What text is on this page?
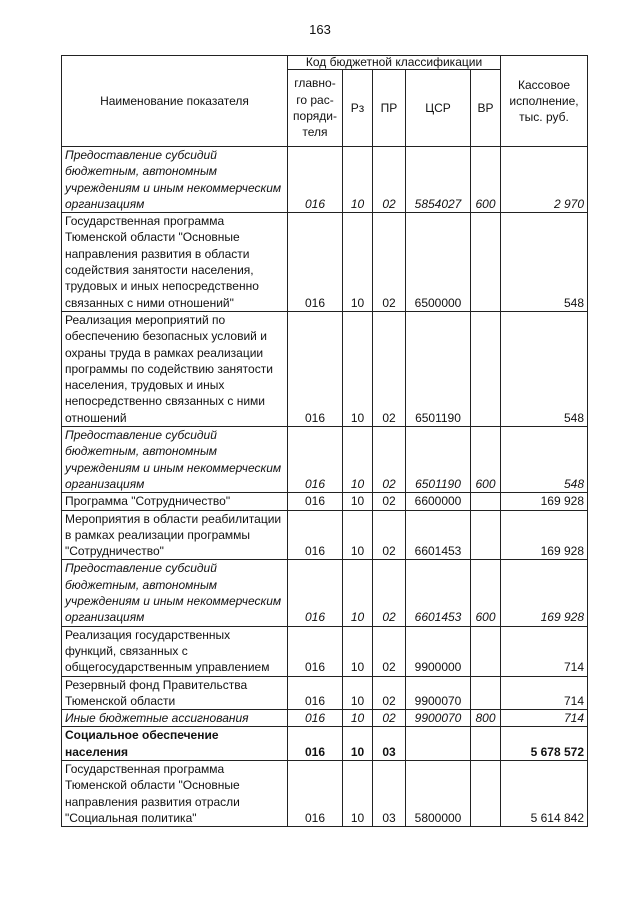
163
Наименование показателя	Код бюджетной классификации					Кассовое исполнение, тыс. руб.
	главно-го рас-поряди-теля	Рз	ПР	ЦСР	ВР	
Предоставление субсидий бюджетным, автономным учреждениям и иным некоммерческим организациям	016	10	02	5854027	600	2 970
Государственная программа Тюменской области "Основные направления развития в области содействия занятости населения, трудовых и иных непосредственно связанных с ними отношений"	016	10	02	6500000		548
Реализация мероприятий по обеспечению безопасных условий и охраны труда в рамках реализации программы по содействию занятости населения, трудовых и иных непосредственно связанных с ними отношений	016	10	02	6501190		548
Предоставление субсидий бюджетным, автономным учреждениям и иным некоммерческим организациям	016	10	02	6501190	600	548
Программа "Сотрудничество"	016	10	02	6600000		169 928
Мероприятия в области реабилитации в рамках реализации программы "Сотрудничество"	016	10	02	6601453		169 928
Предоставление субсидий бюджетным, автономным учреждениям и иным некоммерческим организациям	016	10	02	6601453	600	169 928
Реализация государственных функций, связанных с общегосударственным управлением	016	10	02	9900000		714
Резервный фонд Правительства Тюменской области	016	10	02	9900070		714
Иные бюджетные ассигнования	016	10	02	9900070	800	714
Социальное обеспечение населения	016	10	03			5 678 572
Государственная программа Тюменской области "Основные направления развития отрасли "Социальная политика"	016	10	03	5800000		5 614 842
